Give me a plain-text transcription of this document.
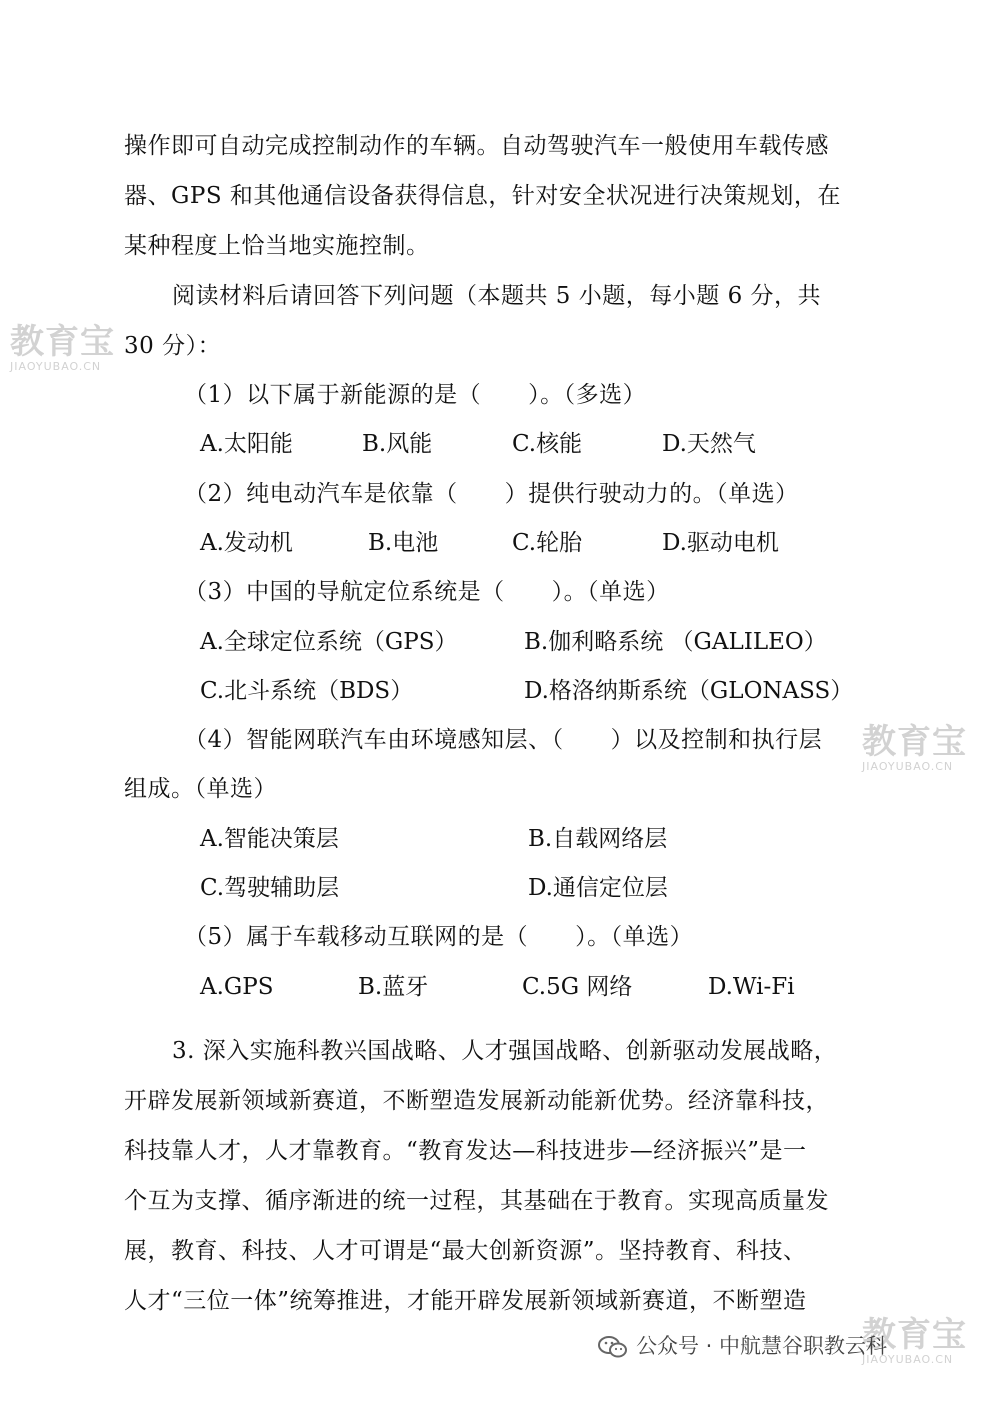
教育宝
JIAOYUBAO.CN
教育宝
JIAOYUBAO.CN
教育宝
JIAOYUBAO.CN
操作即可自动完成控制动作的车辆。自动驾驶汽车一般使用车载传感
器、GPS 和其他通信设备获得信息，针对安全状况进行决策规划，在
某种程度上恰当地实施控制。
阅读材料后请回答下列问题（本题共 5 小题，每小题 6 分，共
30 分）：
（1）以下属于新能源的是（　　）。（多选）
A.太阳能	B.风能	C.核能	D.天然气
（2）纯电动汽车是依靠（　　）提供行驶动力的。（单选）
A.发动机	B.电池	C.轮胎	D.驱动电机
（3）中国的导航定位系统是（　　）。（单选）
A.全球定位系统（GPS）	B.伽利略系统 （GALILEO）
C.北斗系统（BDS）	D.格洛纳斯系统（GLONASS）
（4）智能网联汽车由环境感知层、（　　）以及控制和执行层
组成。（单选）
A.智能决策层	B.自载网络层
C.驾驶辅助层	D.通信定位层
（5）属于车载移动互联网的是（　　）。（单选）
A.GPS	B.蓝牙	C.5G 网络	D.Wi-Fi
3. 深入实施科教兴国战略、人才强国战略、创新驱动发展战略，
开辟发展新领域新赛道，不断塑造发展新动能新优势。经济靠科技，
科技靠人才，人才靠教育。“教育发达—科技进步—经济振兴”是一
个互为支撑、循序渐进的统一过程，其基础在于教育。实现高质量发
展，教育、科技、人才可谓是“最大创新资源”。坚持教育、科技、
人才“三位一体”统筹推进，才能开辟发展新领域新赛道，不断塑造
公众号 · 中航慧谷职教云科
